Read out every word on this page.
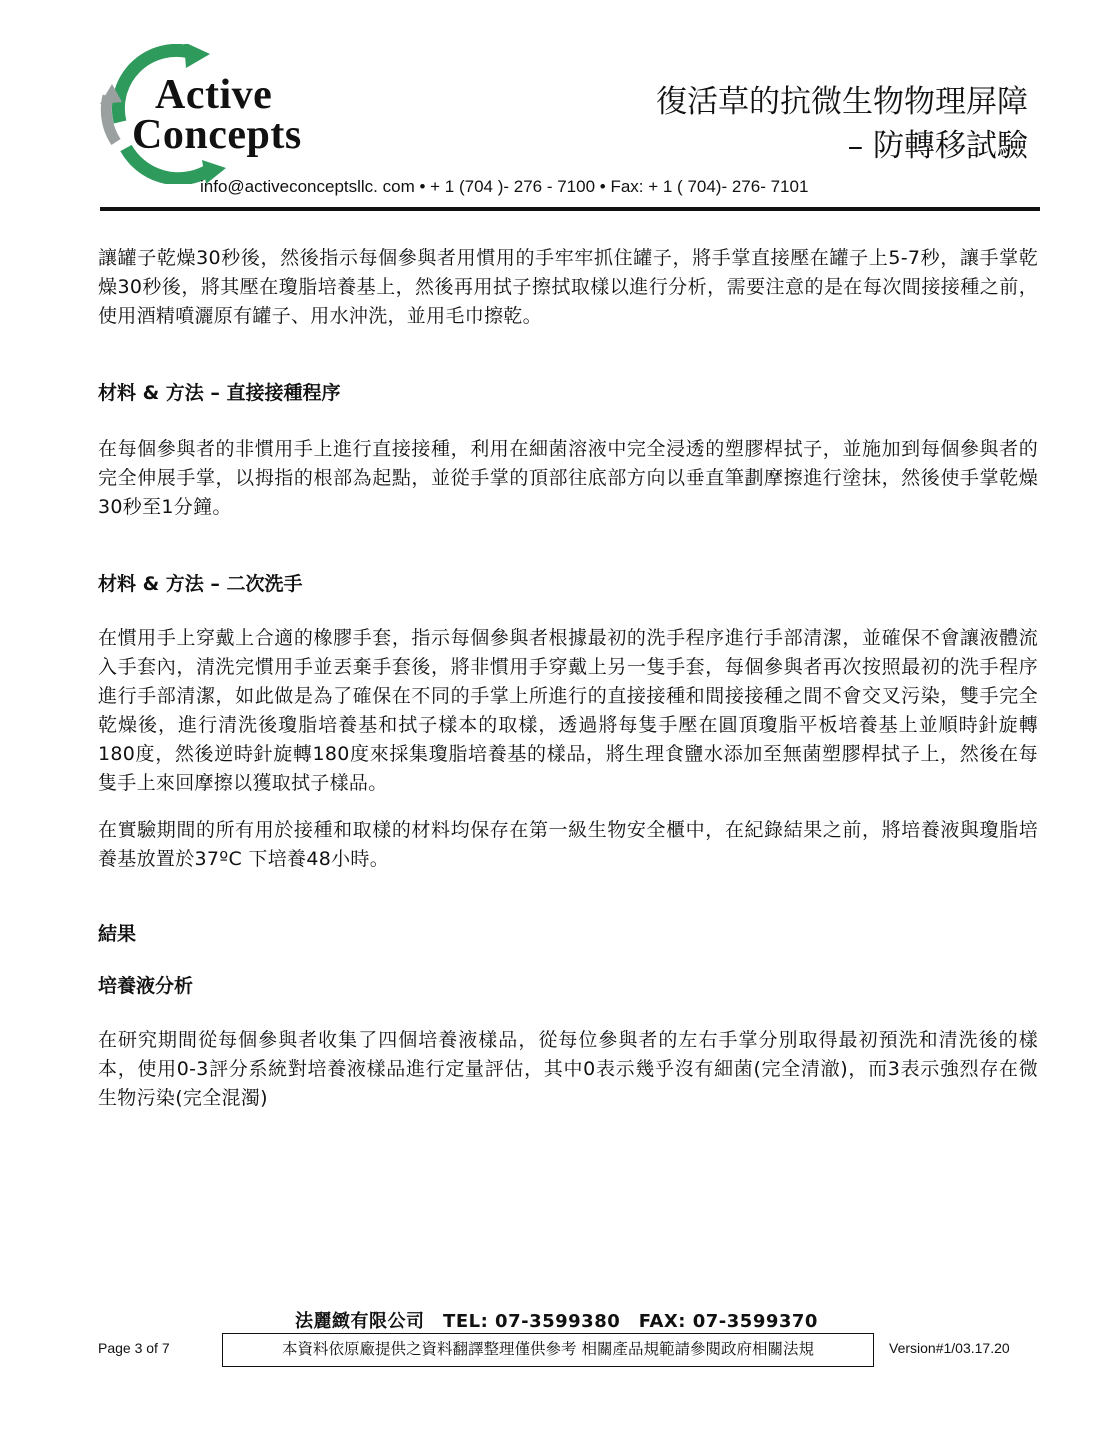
Active
Concepts
復活草的抗微生物物理屏障
– 防轉移試驗
info@activeconceptsllc. com • + 1 (704 )- 276 - 7100 • Fax: + 1 ( 704)- 276- 7101

讓罐子乾燥30秒後，然後指示每個參與者用慣用的手牢牢抓住罐子，將手掌直接壓在罐子上5-7秒，讓手掌乾燥30秒後，將其壓在瓊脂培養基上，然後再用拭子擦拭取樣以進行分析，需要注意的是在每次間接接種之前，使用酒精噴灑原有罐子、用水沖洗，並用毛巾擦乾。

材料 & 方法 – 直接接種程序

在每個參與者的非慣用手上進行直接接種，利用在細菌溶液中完全浸透的塑膠桿拭子，並施加到每個參與者的完全伸展手掌，以拇指的根部為起點，並從手掌的頂部往底部方向以垂直筆劃摩擦進行塗抹，然後使手掌乾燥30秒至1分鐘。

材料 & 方法 – 二次洗手

在慣用手上穿戴上合適的橡膠手套，指示每個參與者根據最初的洗手程序進行手部清潔，並確保不會讓液體流入手套內，清洗完慣用手並丟棄手套後，將非慣用手穿戴上另一隻手套，每個參與者再次按照最初的洗手程序進行手部清潔，如此做是為了確保在不同的手掌上所進行的直接接種和間接接種之間不會交叉污染，雙手完全乾燥後，進行清洗後瓊脂培養基和拭子樣本的取樣，透過將每隻手壓在圓頂瓊脂平板培養基上並順時針旋轉180度，然後逆時針旋轉180度來採集瓊脂培養基的樣品，將生理食鹽水添加至無菌塑膠桿拭子上，然後在每隻手上來回摩擦以獲取拭子樣品。

在實驗期間的所有用於接種和取樣的材料均保存在第一級生物安全櫃中，在紀錄結果之前，將培養液與瓊脂培養基放置於37ºC 下培養48小時。

結果
培養液分析

在研究期間從每個參與者收集了四個培養液樣品，從每位參與者的左右手掌分別取得最初預洗和清洗後的樣本，使用0-3評分系統對培養液樣品進行定量評估，其中0表示幾乎沒有細菌(完全清澈)，而3表示強烈存在微生物污染(完全混濁)

法麗緻有限公司　TEL: 07-3599380　FAX: 07-3599370
Page 3 of 7	本資料依原廠提供之資料翻譯整理僅供參考 相關產品規範請參閱政府相關法規	Version#1/03.17.20
